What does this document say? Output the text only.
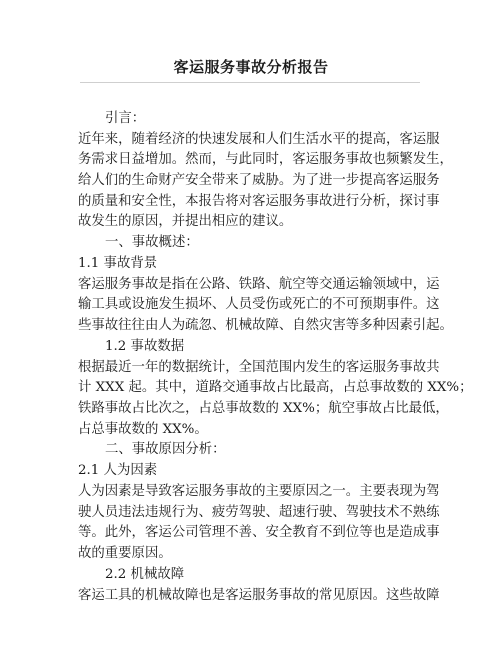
客运服务事故分析报告
引言：
近年来，随着经济的快速发展和人们生活水平的提高，客运服
务需求日益增加。然而，与此同时，客运服务事故也频繁发生，
给人们的生命财产安全带来了威胁。为了进一步提高客运服务
的质量和安全性，本报告将对客运服务事故进行分析，探讨事
故发生的原因，并提出相应的建议。
一、事故概述：
1.1 事故背景
客运服务事故是指在公路、铁路、航空等交通运输领域中，运
输工具或设施发生损坏、人员受伤或死亡的不可预期事件。这
些事故往往由人为疏忽、机械故障、自然灾害等多种因素引起。
1.2 事故数据
根据最近一年的数据统计，全国范围内发生的客运服务事故共
计 XXX 起。其中，道路交通事故占比最高，占总事故数的 XX%；
铁路事故占比次之，占总事故数的 XX%；航空事故占比最低，
占总事故数的 XX%。
二、事故原因分析：
2.1 人为因素
人为因素是导致客运服务事故的主要原因之一。主要表现为驾
驶人员违法违规行为、疲劳驾驶、超速行驶、驾驶技术不熟练
等。此外，客运公司管理不善、安全教育不到位等也是造成事
故的重要原因。
2.2 机械故障
客运工具的机械故障也是客运服务事故的常见原因。这些故障
